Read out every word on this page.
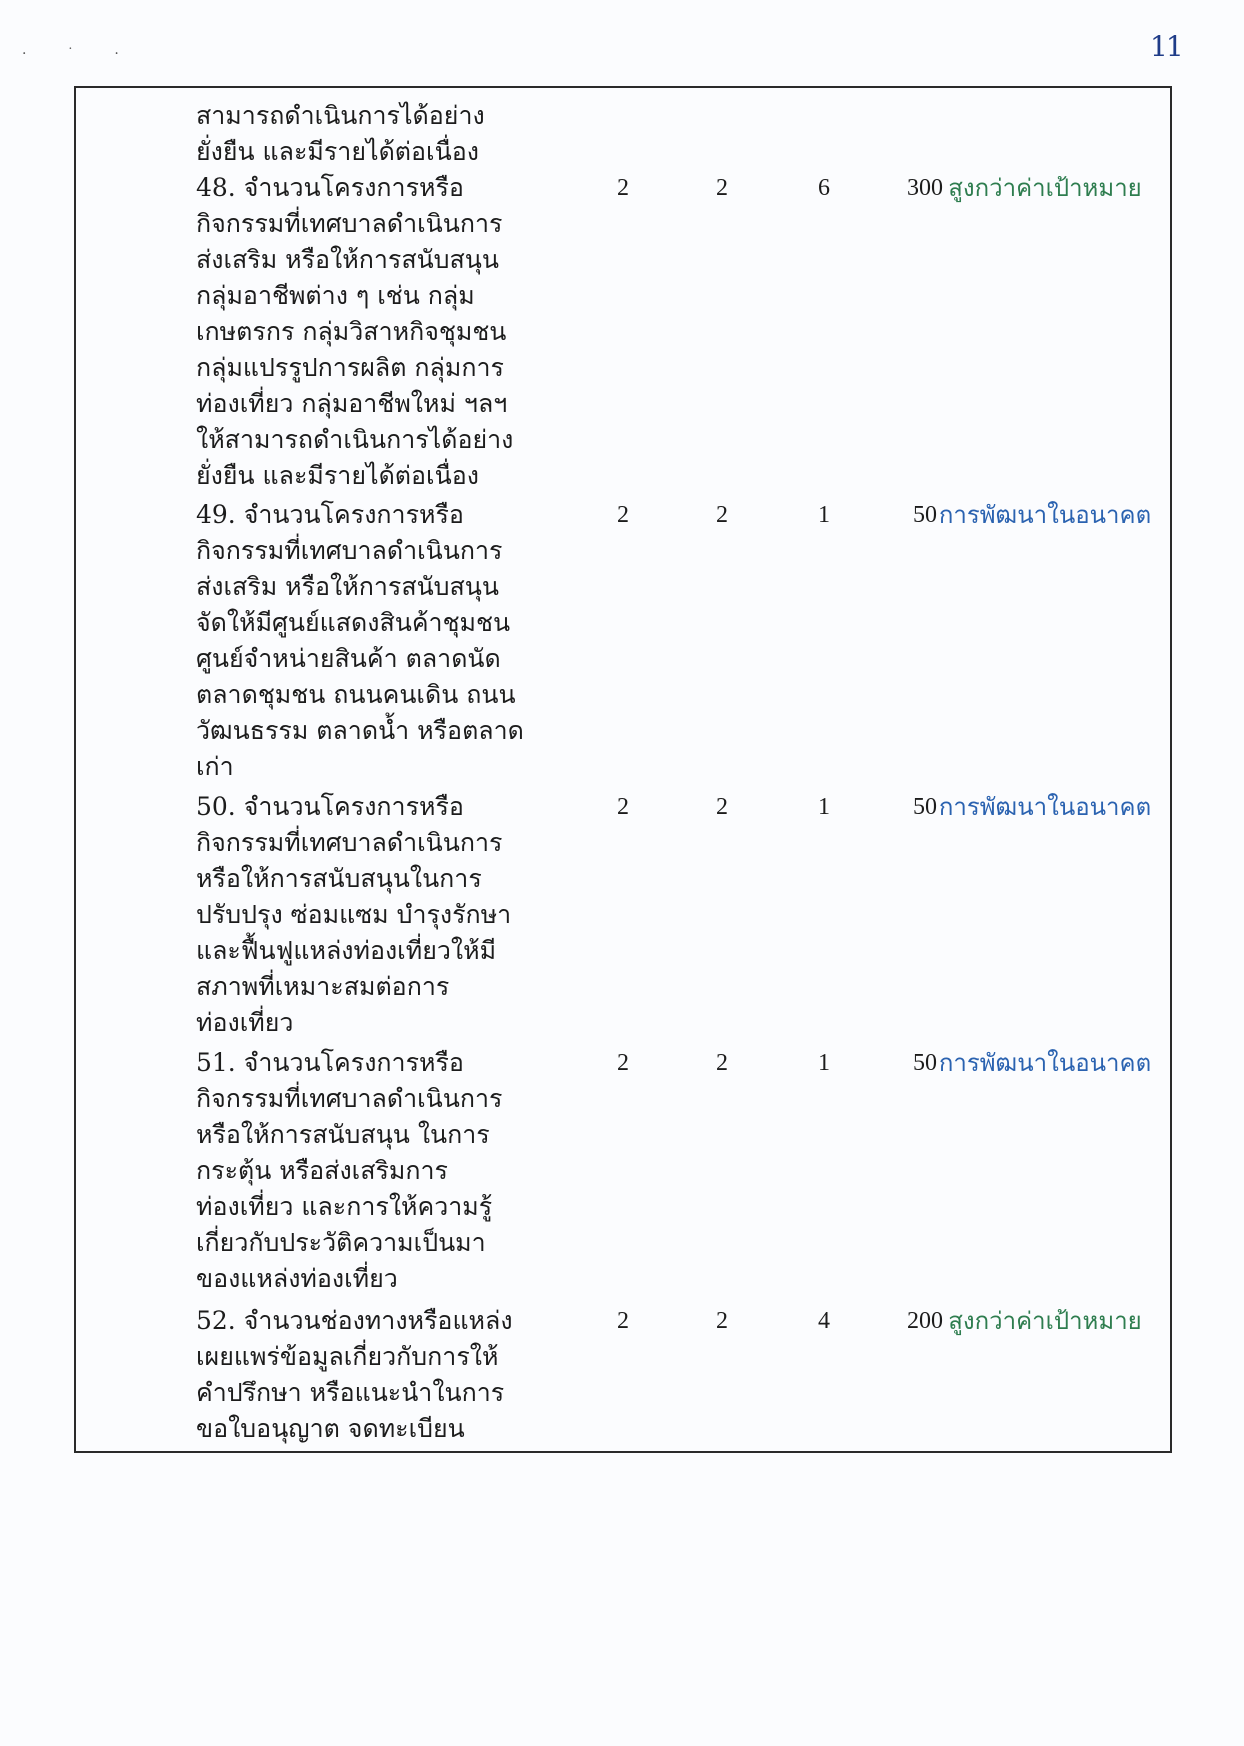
· ˙ ·	11
สามารถดำเนินการได้อย่าง
ยั่งยืน และมีรายได้ต่อเนื่อง
48. จำนวนโครงการหรือ
กิจกรรมที่เทศบาลดำเนินการ
ส่งเสริม หรือให้การสนับสนุน
กลุ่มอาชีพต่าง ๆ เช่น กลุ่ม
เกษตรกร กลุ่มวิสาหกิจชุมชน
กลุ่มแปรรูปการผลิต กลุ่มการ
ท่องเที่ยว กลุ่มอาชีพใหม่ ฯลฯ
ให้สามารถดำเนินการได้อย่าง
ยั่งยืน และมีรายได้ต่อเนื่อง
2	2	6	300 สูงกว่าค่าเป้าหมาย
49. จำนวนโครงการหรือ
กิจกรรมที่เทศบาลดำเนินการ
ส่งเสริม หรือให้การสนับสนุน
จัดให้มีศูนย์แสดงสินค้าชุมชน
ศูนย์จำหน่ายสินค้า ตลาดนัด
ตลาดชุมชน ถนนคนเดิน ถนน
วัฒนธรรม ตลาดน้ำ หรือตลาด
เก่า
2	2	1	50 การพัฒนาในอนาคต
50. จำนวนโครงการหรือ
กิจกรรมที่เทศบาลดำเนินการ
หรือให้การสนับสนุนในการ
ปรับปรุง ซ่อมแซม บำรุงรักษา
และฟื้นฟูแหล่งท่องเที่ยวให้มี
สภาพที่เหมาะสมต่อการ
ท่องเที่ยว
2	2	1	50 การพัฒนาในอนาคต
51. จำนวนโครงการหรือ
กิจกรรมที่เทศบาลดำเนินการ
หรือให้การสนับสนุน ในการ
กระตุ้น หรือส่งเสริมการ
ท่องเที่ยว และการให้ความรู้
เกี่ยวกับประวัติความเป็นมา
ของแหล่งท่องเที่ยว
2	2	1	50 การพัฒนาในอนาคต
52. จำนวนช่องทางหรือแหล่ง
เผยแพร่ข้อมูลเกี่ยวกับการให้
คำปรึกษา หรือแนะนำในการ
ขอใบอนุญาต จดทะเบียน
2	2	4	200 สูงกว่าค่าเป้าหมาย
